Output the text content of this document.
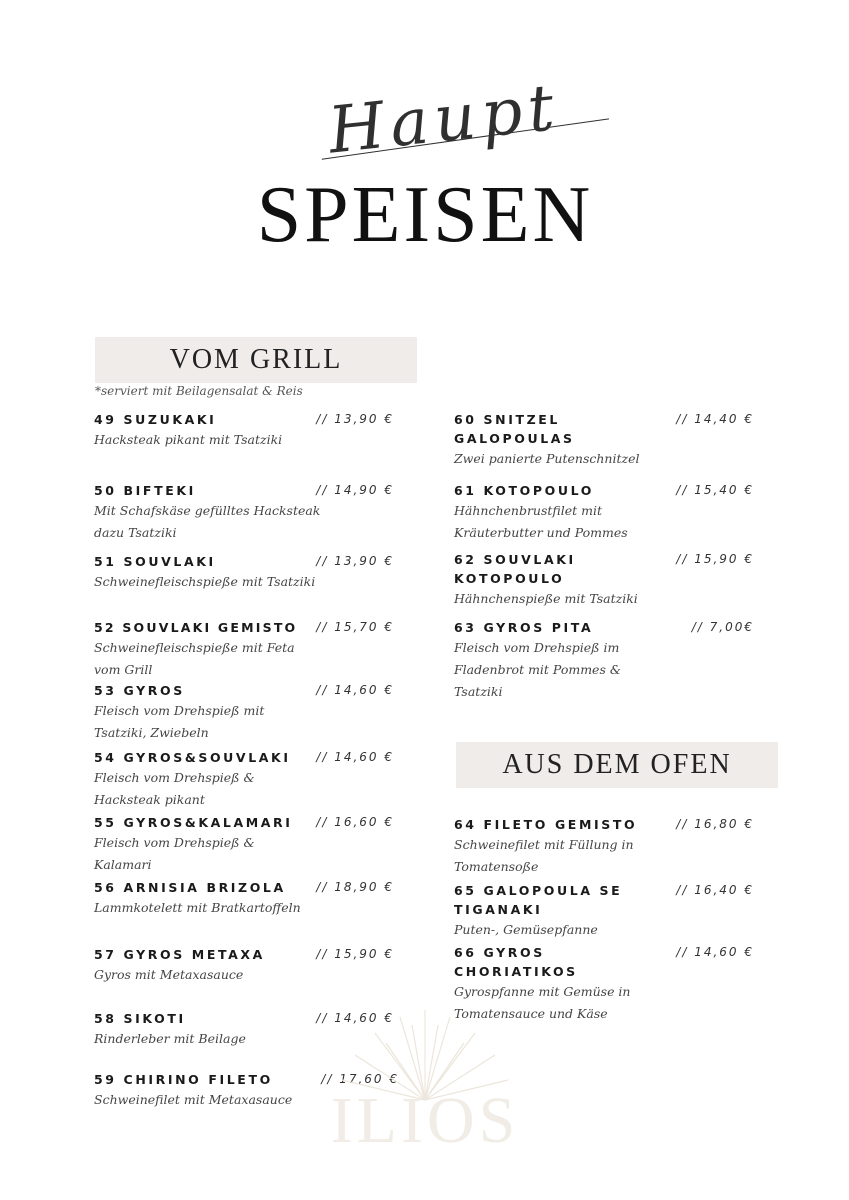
Haupt
SPEISEN
VOM GRILL
*serviert mit Beilagensalat & Reis
49 SUZUKAKI	// 13,90 €
Hacksteak pikant mit Tsatziki
50 BIFTEKI	// 14,90 €
Mit Schafskäse gefülltes Hacksteak dazu Tsatziki
51 SOUVLAKI	// 13,90 €
Schweinefleischspieße mit Tsatziki
52 SOUVLAKI GEMISTO	// 15,70 €
Schweinefleischspieße mit Feta vom Grill
53 GYROS	// 14,60 €
Fleisch vom Drehspieß mit Tsatziki, Zwiebeln
54 GYROS&SOUVLAKI	// 14,60 €
Fleisch vom Drehspieß & Hacksteak pikant
55 GYROS&KALAMARI	// 16,60 €
Fleisch vom Drehspieß & Kalamari
56 ARNISIA BRIZOLA	// 18,90 €
Lammkotelett mit Bratkartoffeln
57 GYROS METAXA	// 15,90 €
Gyros mit Metaxasauce
58 SIKOTI	// 14,60 €
Rinderleber mit Beilage
59 CHIRINO FILETO	// 17,60 €
Schweinefilet mit Metaxasauce
60 SNITZEL GALOPOULAS
// 14,40 €
Zwei panierte Putenschnitzel
61 KOTOPOULO	// 15,40 €
Hähnchenbrustfilet mit Kräuterbutter und Pommes
62 SOUVLAKI KOTOPOULO
// 15,90 €
Hähnchenspieße mit Tsatziki
63 GYROS PITA	// 7,00€
Fleisch vom Drehspieß im Fladenbrot mit Pommes & Tsatziki
AUS DEM OFEN
64 FILETO GEMISTO	// 16,80 €
Schweinefilet mit Füllung in Tomatensoße
65 GALOPOULA SE TIGANAKI
// 16,40 €
Puten-, Gemüsepfanne
66 GYROS CHORIATIKOS
// 14,60 €
Gyrospfanne mit Gemüse in Tomatensauce und Käse
ILIOS
